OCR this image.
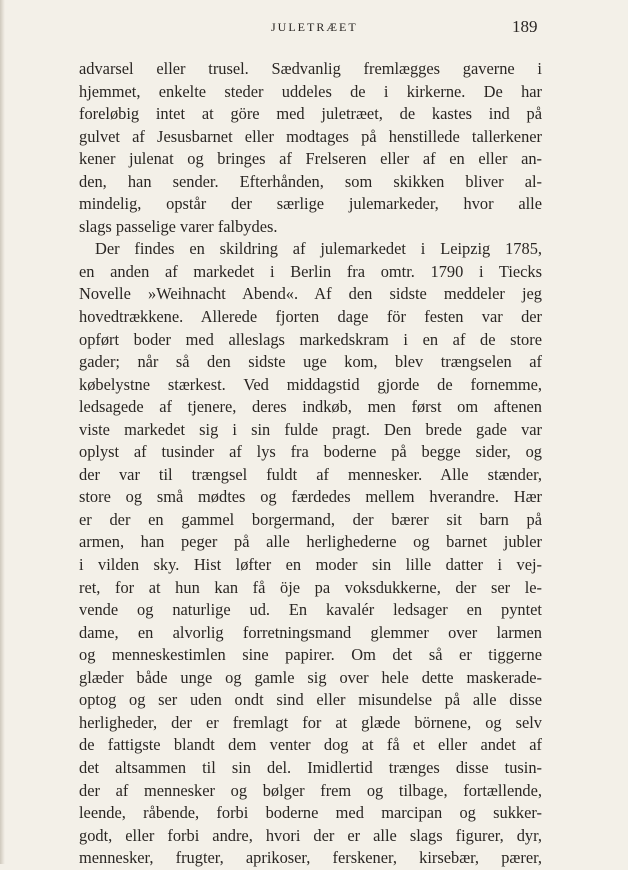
JULETRÆET	189
advarsel eller trusel. Sædvanlig fremlægges gaverne i
hjemmet, enkelte steder uddeles de i kirkerne. De har
foreløbig intet at göre med juletræet, de kastes ind på
gulvet af Jesusbarnet eller modtages på henstillede tallerkener
kener julenat og bringes af Frelseren eller af en eller an-
den, han sender. Efterhånden, som skikken bliver al-
mindelig, opstår der særlige julemarkeder, hvor alle
slags passelige varer falbydes.
Der findes en skildring af julemarkedet i Leipzig 1785,
en anden af markedet i Berlin fra omtr. 1790 i Tiecks
Novelle »Weihnacht Abend«. Af den sidste meddeler jeg
hovedtrækkene. Allerede fjorten dage för festen var der
opført boder med alleslags markedskram i en af de store
gader; når så den sidste uge kom, blev trængselen af
købelystne stærkest. Ved middagstid gjorde de fornemme,
ledsagede af tjenere, deres indkøb, men først om aftenen
viste markedet sig i sin fulde pragt. Den brede gade var
oplyst af tusinder af lys fra boderne på begge sider, og
der var til trængsel fuldt af mennesker. Alle stænder,
store og små mødtes og færdedes mellem hverandre. Hær
er der en gammel borgermand, der bærer sit barn på
armen, han peger på alle herlighederne og barnet jubler
i vilden sky. Hist løfter en moder sin lille datter i vej-
ret, for at hun kan få öje pa voksdukkerne, der ser le-
vende og naturlige ud. En kavalér ledsager en pyntet
dame, en alvorlig forretningsmand glemmer over larmen
og menneskestimlen sine papirer. Om det så er tiggerne
glæder både unge og gamle sig over hele dette maskerade-
optog og ser uden ondt sind eller misundelse på alle disse
herligheder, der er fremlagt for at glæde börnene, og selv
de fattigste blandt dem venter dog at få et eller andet af
det altsammen til sin del. Imidlertid trænges disse tusin-
der af mennesker og bølger frem og tilbage, fortællende,
leende, råbende, forbi boderne med marcipan og sukker-
godt, eller forbi andre, hvori der er alle slags figurer, dyr,
mennesker, frugter, aprikoser, ferskener, kirsebær, pærer,
